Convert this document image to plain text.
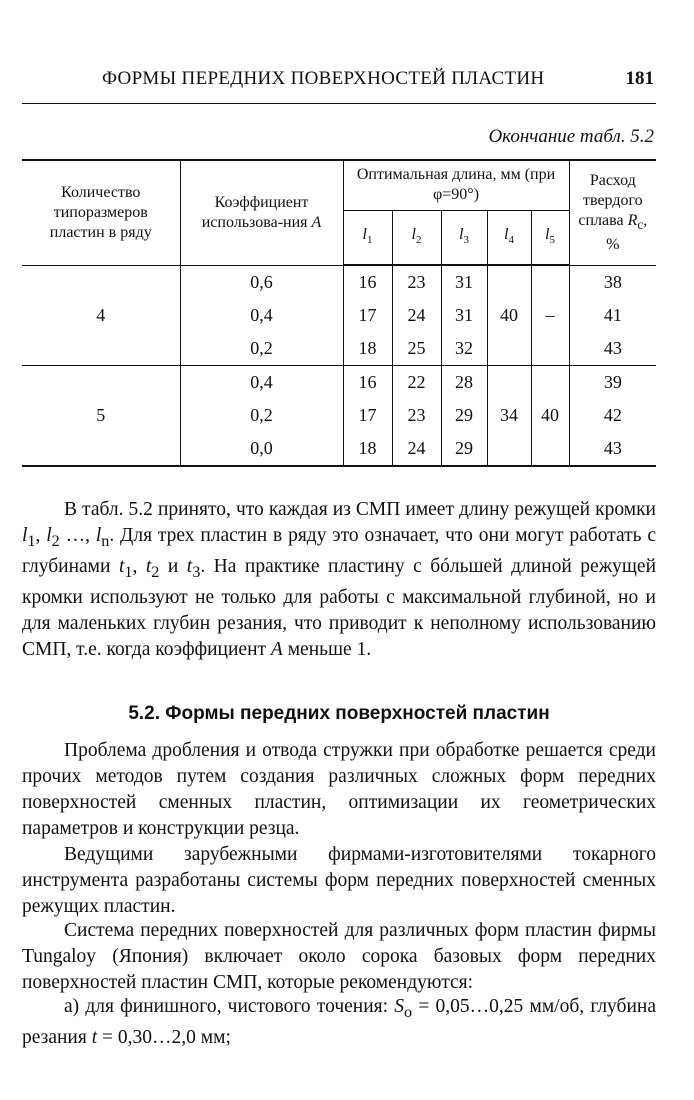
ФОРМЫ ПЕРЕДНИХ ПОВЕРХНОСТЕЙ ПЛАСТИН	181
Окончание табл. 5.2
Количество типоразмеров пластин в ряду	Коэффициент использова-ния A	Оптимальная длина, мм (при φ=90°)					Расход твердого сплава $R_c$, %
		$l_1$	$l_2$	$l_3$	$l_4$	$l_5$
4	0,6	16	23	31	40	–	38
	0,4	17	24	31			41
	0,2	18	25	32			43
5	0,4	16	22	28	34	40	39
	0,2	17	23	29			42
	0,0	18	24	29			43

В табл. 5.2 принято, что каждая из СМП имеет длину режущей кромки $l_1$, $l_2$ …, $l_n$. Для трех пластин в ряду это означает, что они могут работать с глубинами $t_1$, $t_2$ и $t_3$. На практике пластину с бóльшей длиной режущей кромки используют не только для работы с максимальной глубиной, но и для маленьких глубин резания, что приводит к неполному использованию СМП, т.е. когда коэффициент A меньше 1.

5.2. Формы передних поверхностей пластин

Проблема дробления и отвода стружки при обработке решается среди прочих методов путем создания различных сложных форм передних поверхностей сменных пластин, оптимизации их геометрических параметров и конструкции резца.

Ведущими зарубежными фирмами-изготовителями токарного инструмента разработаны системы форм передних поверхностей сменных режущих пластин.

Система передних поверхностей для различных форм пластин фирмы Tungaloy (Япония) включает около сорока базовых форм передних поверхностей пластин СМП, которые рекомендуются:

а) для финишного, чистового точения: $S_о$ = 0,05…0,25 мм/об, глубина резания t = 0,30…2,0 мм;
